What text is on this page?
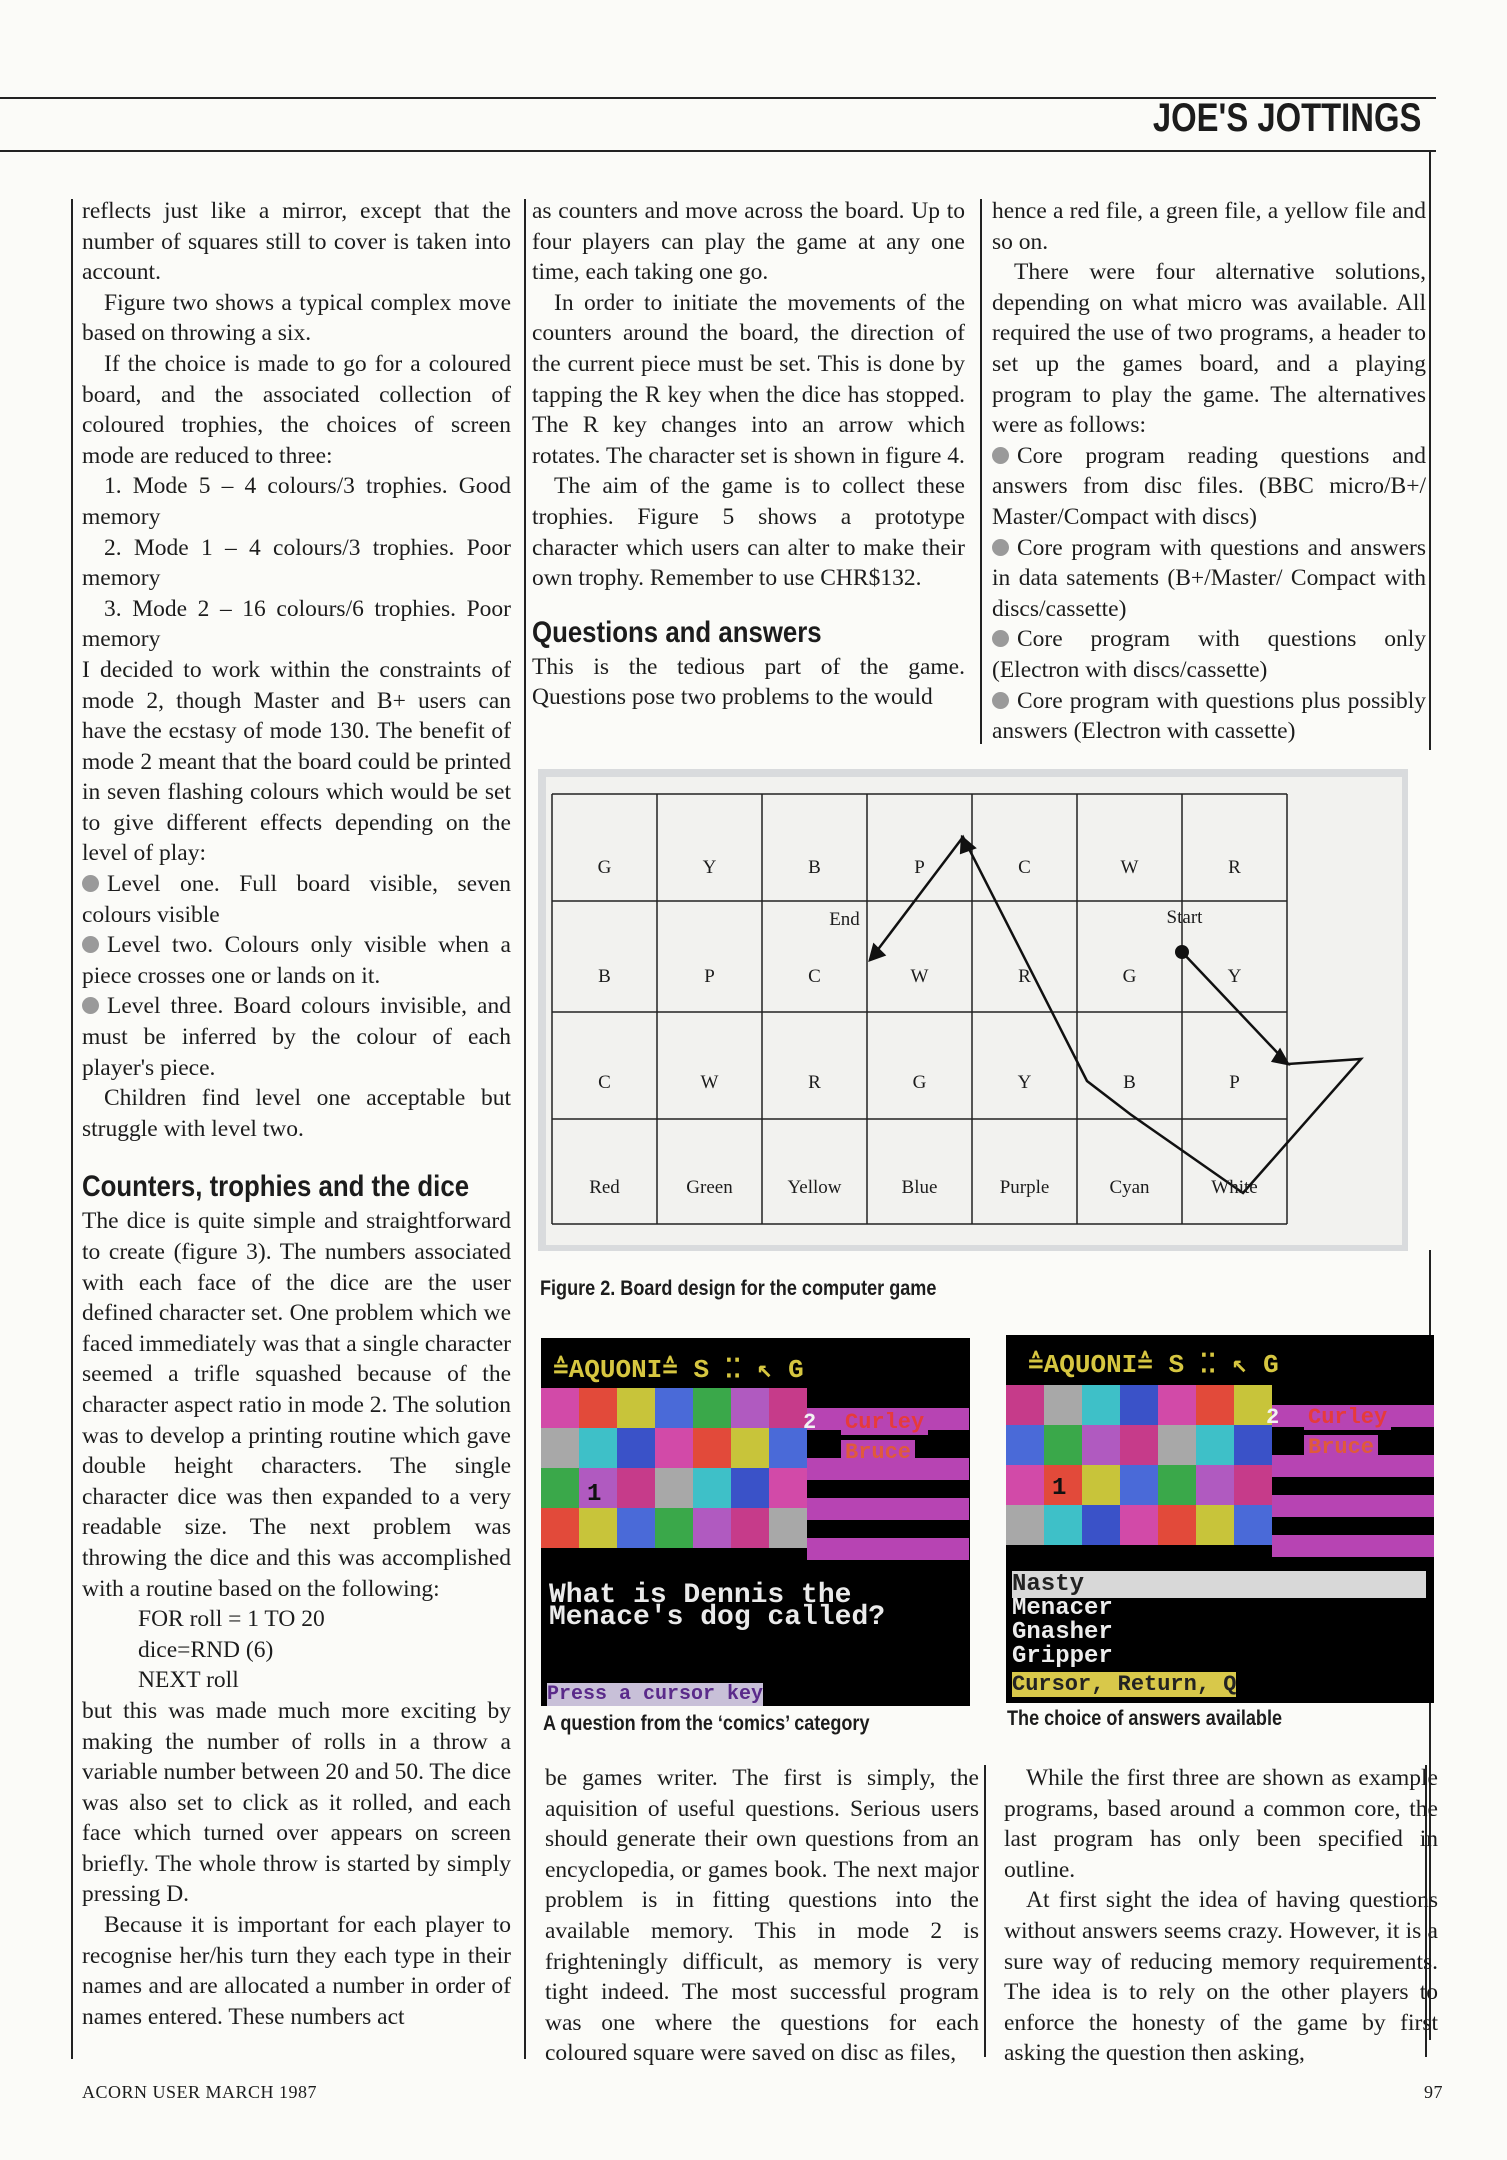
JOE'S JOTTINGS

reflects just like a mirror, except that the number of squares still to cover is taken into account.

Figure two shows a typical complex move based on throwing a six.

If the choice is made to go for a coloured board, and the associated collection of coloured trophies, the choices of screen mode are reduced to three:

1. Mode 5 – 4 colours/3 trophies. Good memory

2. Mode 1 – 4 colours/3 trophies. Poor memory

3. Mode 2 – 16 colours/6 trophies. Poor memory

I decided to work within the constraints of mode 2, though Master and B+ users can have the ecstasy of mode 130. The benefit of mode 2 meant that the board could be printed in seven flashing colours which would be set to give different effects depending on the level of play:

Level one. Full board visible, seven colours visible

Level two. Colours only visible when a piece crosses one or lands on it.

Level three. Board colours invisible, and must be inferred by the colour of each player's piece.

Children find level one acceptable but struggle with level two.

Counters, trophies and the dice

The dice is quite simple and straightforward to create (figure 3). The numbers associated with each face of the dice are the user defined character set. One problem which we faced immediately was that a single character seemed a trifle squashed because of the character aspect ratio in mode 2. The solution was to develop a printing routine which gave double height characters. The single character dice was then expanded to a very readable size. The next problem was throwing the dice and this was accomplished with a routine based on the following:

FOR roll = 1 TO 20

dice=RND (6)

NEXT roll

but this was made much more exciting by making the number of rolls in a throw a variable number between 20 and 50. The dice was also set to click as it rolled, and each face which turned over appears on screen briefly. The whole throw is started by simply pressing D.

Because it is important for each player to recognise her/his turn they each type in their names and are allocated a number in order of names entered. These numbers act

as counters and move across the board. Up to four players can play the game at any one time, each taking one go.

In order to initiate the movements of the counters around the board, the direction of the current piece must be set. This is done by tapping the R key when the dice has stopped. The R key changes into an arrow which rotates. The character set is shown in figure 4.

The aim of the game is to collect these trophies. Figure 5 shows a prototype character which users can alter to make their own trophy. Remember to use CHR$132.

Questions and answers

This is the tedious part of the game. Questions pose two problems to the would

hence a red file, a green file, a yellow file and so on.

There were four alternative solutions, depending on what micro was available. All required the use of two programs, a header to set up the games board, and a playing program to play the game. The alternatives were as follows:

Core program reading questions and answers from disc files. (BBC micro/B+/ Master/Compact with discs)

Core program with questions and answers in data satements (B+/Master/ Compact with discs/cassette)

Core program with questions only (Electron with discs/cassette)

Core program with questions plus possibly answers (Electron with cassette)

G	Y	B	P	C	W	R
B	P	C	W	R	G	Y
C	W	R	G	Y	B	P
Red	Green	Yellow	Blue	Purple	Cyan	White
End	Start
Figure 2. Board design for the computer game
≙AQUONI≙ S ⁚⁚ ↖ G
2 Curley
Bruce
1
What is Dennis the
Menace's dog called?
Press a cursor key
A question from the ‘comics’ category
≙AQUONI≙ S ⁚⁚ ↖ G
2 Curley
Bruce
1
Nasty
Menacer
Gnasher
Gripper
Cursor, Return, Q
The choice of answers available

be games writer. The first is simply, the aquisition of useful questions. Serious users should generate their own questions from an encyclopedia, or games book. The next major problem is in fitting questions into the available memory. This in mode 2 is frighteningly difficult, as memory is very tight indeed. The most successful program was one where the questions for each coloured square were saved on disc as files,

While the first three are shown as example programs, based around a common core, the last program has only been specified in outline.

At first sight the idea of having questions without answers seems crazy. However, it is a sure way of reducing memory requirements. The idea is to rely on the other players to enforce the honesty of the game by first asking the question then asking,

ACORN USER MARCH 1987	97
